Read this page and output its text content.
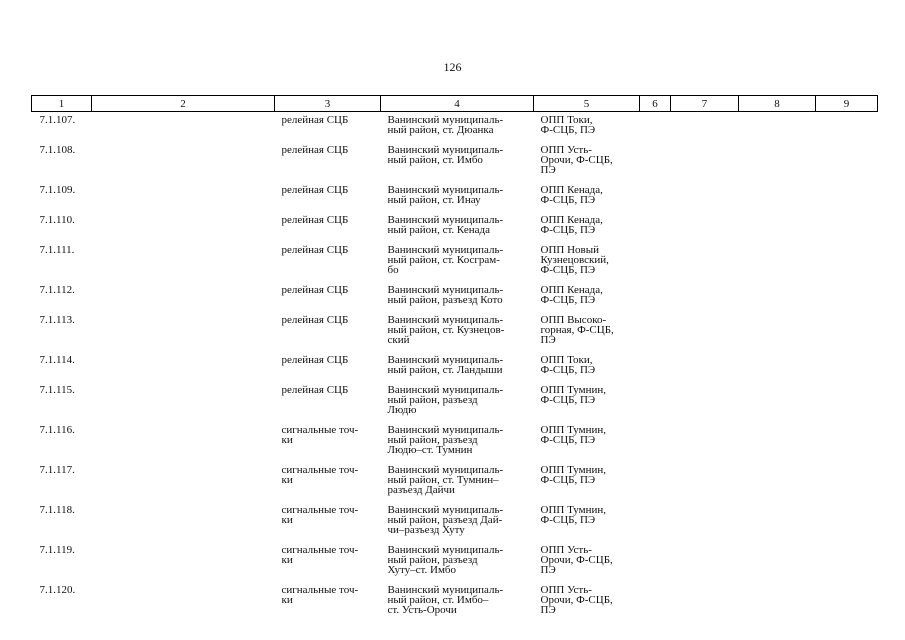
126
1	2	3	4	5	6	7	8	9
7.1.107.		релейная СЦБ	Ванинский муниципаль-
ный район, ст. Дюанка	ОПП Токи,
Ф-СЦБ, ПЭ				
7.1.108.		релейная СЦБ	Ванинский муниципаль-
ный район, ст. Имбо	ОПП Усть-
Орочи, Ф-СЦБ,
ПЭ				
7.1.109.		релейная СЦБ	Ванинский муниципаль-
ный район, ст. Инау	ОПП Кенада,
Ф-СЦБ, ПЭ				
7.1.110.		релейная СЦБ	Ванинский муниципаль-
ный район, ст. Кенада	ОПП Кенада,
Ф-СЦБ, ПЭ				
7.1.111.		релейная СЦБ	Ванинский муниципаль-
ный район, ст. Косграм-
бо	ОПП Новый
Кузнецовский,
Ф-СЦБ, ПЭ				
7.1.112.		релейная СЦБ	Ванинский муниципаль-
ный район, разъезд Кото	ОПП Кенада,
Ф-СЦБ, ПЭ				
7.1.113.		релейная СЦБ	Ванинский муниципаль-
ный район, ст. Кузнецов-
ский	ОПП Высоко-
горная, Ф-СЦБ,
ПЭ				
7.1.114.		релейная СЦБ	Ванинский муниципаль-
ный район, ст. Ландыши	ОПП Токи,
Ф-СЦБ, ПЭ				
7.1.115.		релейная СЦБ	Ванинский муниципаль-
ный район, разъезд
Людю	ОПП Тумнин,
Ф-СЦБ, ПЭ				
7.1.116.		сигнальные точ-
ки	Ванинский муниципаль-
ный район, разъезд
Людю–ст. Тумнин	ОПП Тумнин,
Ф-СЦБ, ПЭ				
7.1.117.		сигнальные точ-
ки	Ванинский муниципаль-
ный район, ст. Тумнин–
разъезд Дайчи	ОПП Тумнин,
Ф-СЦБ, ПЭ				
7.1.118.		сигнальные точ-
ки	Ванинский муниципаль-
ный район, разъезд Дай-
чи–разъезд Хуту	ОПП Тумнин,
Ф-СЦБ, ПЭ				
7.1.119.		сигнальные точ-
ки	Ванинский муниципаль-
ный район, разъезд
Хуту–ст. Имбо	ОПП Усть-
Орочи, Ф-СЦБ,
ПЭ				
7.1.120.		сигнальные точ-
ки	Ванинский муниципаль-
ный район, ст. Имбо–
ст. Усть-Орочи	ОПП Усть-
Орочи, Ф-СЦБ,
ПЭ				
